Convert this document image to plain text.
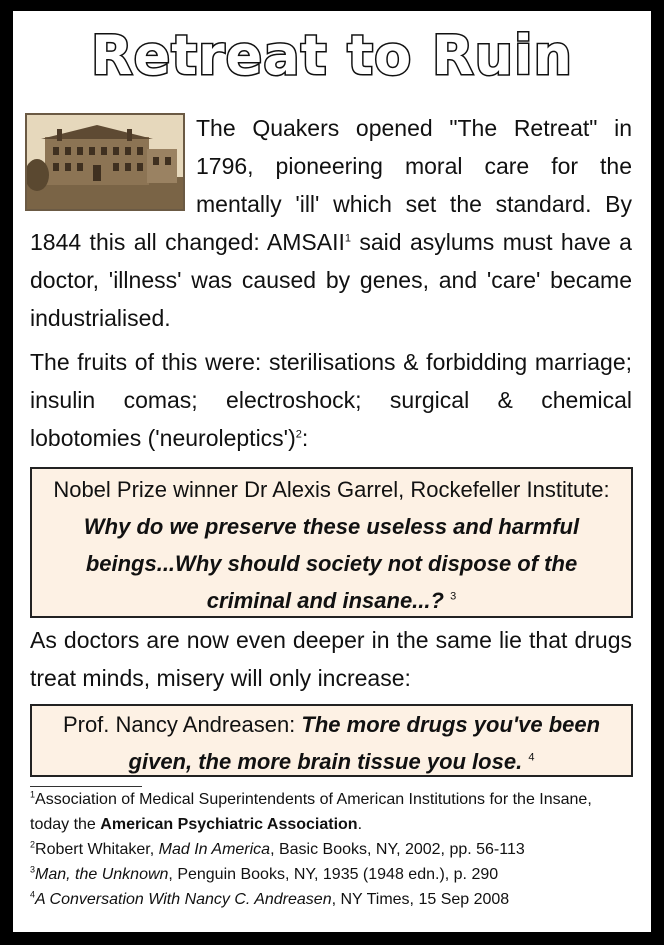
Retreat to Ruin

The Quakers opened "The Retreat" in 1796, pioneering moral care for the mentally 'ill' which set the standard. By 1844 this all changed: AMSAII$^1$ said asylums must have a doctor, 'illness' was caused by genes, and 'care' became industrialised.

The fruits of this were: sterilisations & forbidding marriage; insulin comas; electroshock; surgical & chemical lobotomies ('neuroleptics')$^2$:

Nobel Prize winner Dr Alexis Garrel, Rockefeller Institute: Why do we preserve these useless and harmful beings...Why should society not dispose of the criminal and insane...? $^3$

As doctors are now even deeper in the same lie that drugs treat minds, misery will only increase:

Prof. Nancy Andreasen: The more drugs you've been given, the more brain tissue you lose. $^4$
$^1$Association of Medical Superintendents of American Institutions for the Insane, today the American Psychiatric Association.
$^2$Robert Whitaker, Mad In America, Basic Books, NY, 2002, pp. 56-113
$^3$Man, the Unknown, Penguin Books, NY, 1935 (1948 edn.), p. 290
$^4$A Conversation With Nancy C. Andreasen, NY Times, 15 Sep 2008
